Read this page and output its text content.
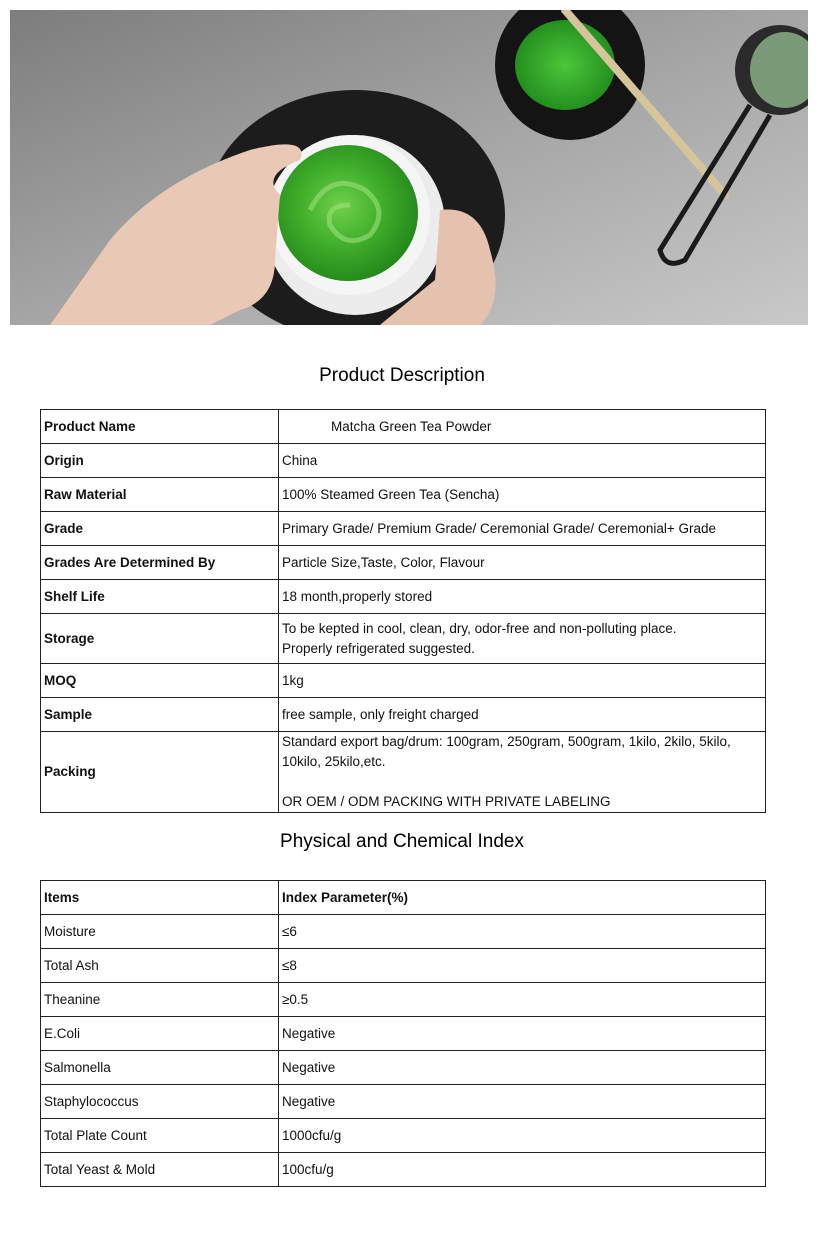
Product Description
Product Name	Matcha Green Tea Powder
Origin	China
Raw Material	100% Steamed Green Tea (Sencha)
Grade	Primary Grade/ Premium Grade/ Ceremonial Grade/ Ceremonial+ Grade
Grades Are Determined By	Particle Size,Taste, Color, Flavour
Shelf Life	18 month,properly stored
Storage	To be kepted in cool, clean, dry, odor-free and non-polluting place.
Properly refrigerated suggested.

MOQ	1kg
Sample	free sample, only freight charged
Packing	Standard export bag/drum: 100gram, 250gram, 500gram, 1kilo, 2kilo, 5kilo, 10kilo, 25kilo,etc.
OR OEM / ODM PACKING WITH PRIVATE LABELING
Physical and Chemical Index
Items	Index Parameter(%)
Moisture	≤6
Total Ash	≤8
Theanine	≥0.5
E.Coli	Negative
Salmonella	Negative
Staphylococcus	Negative
Total Plate Count	1000cfu/g
Total Yeast & Mold	100cfu/g
